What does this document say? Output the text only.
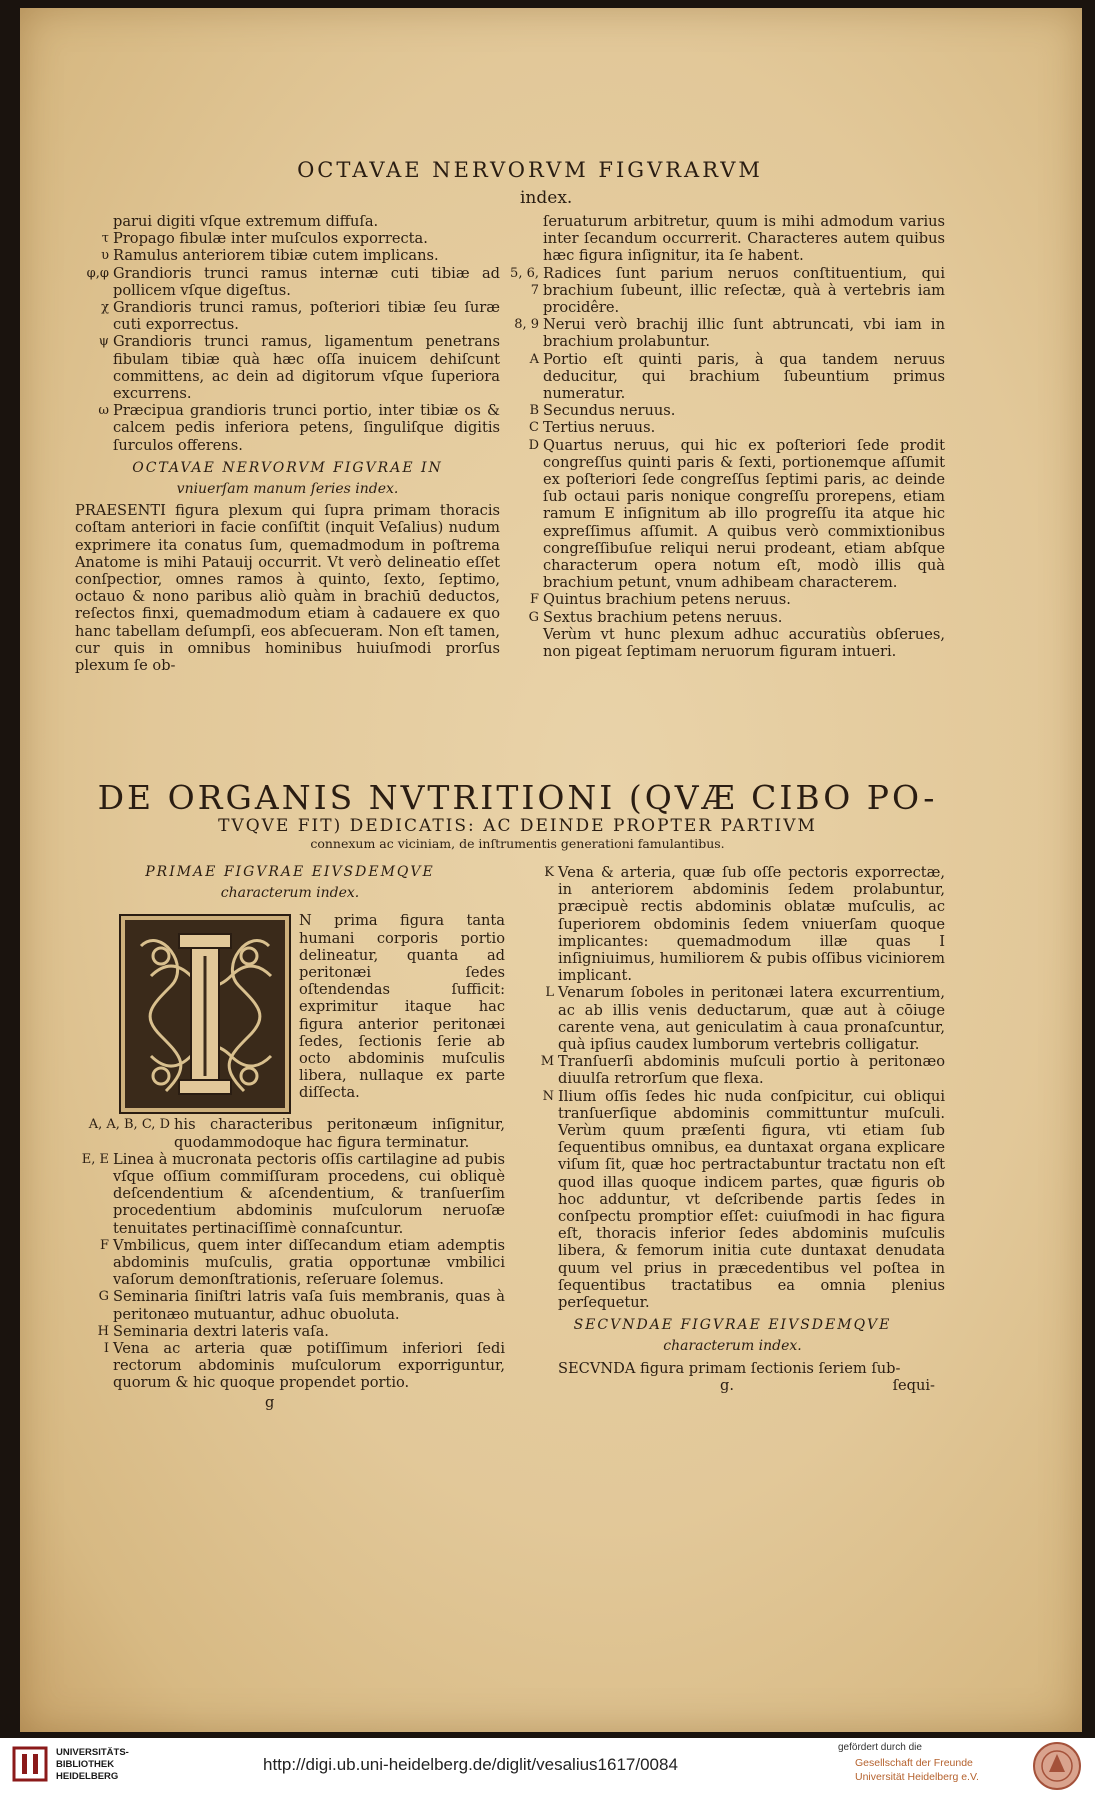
OCTAVAE NERVORVM FIGVRARVM
index.
parui digiti vſque extremum diffuſa.
τ Propago fibulæ inter muſculos exporrecta.
υ Ramulus anteriorem tibiæ cutem implicans.
φ,φ Grandioris trunci ramus internæ cuti tibiæ ad pollicem vſque digeſtus.
χ Grandioris trunci ramus, poſteriori tibiæ ſeu ſuræ cuti exporrectus.
ψ Grandioris trunci ramus, ligamentum penetrans fibulam tibiæ quà hæc oſſa inuicem dehiſcunt committens, ac dein ad digitorum vſque ſuperiora excurrens.
ω Præcipua grandioris trunci portio, inter tibiæ os & calcem pedis inferiora petens, ſinguliſque digitis ſurculos offerens.
OCTAVAE NERVORVM FIGVRAE IN
vniuerſam manum ſeries index.
PRAESENTI figura plexum qui ſupra primam thoracis coſtam anteriori in facie conſiſtit (inquit Veſalius) nudum exprimere ita conatus ſum, quemadmodum in poſtrema Anatome is mihi Patauij occurrit. Vt verò delineatio eſſet conſpectior, omnes ramos à quinto, ſexto, ſeptimo, octauo & nono paribus aliò quàm in brachiū deductos, reſectos finxi, quemadmodum etiam à cadauere ex quo hanc tabellam deſumpſi, eos abſecueram. Non eſt tamen, cur quis in omnibus hominibus huiuſmodi prorſus plexum ſe ob-
ſeruaturum arbitretur, quum is mihi admodum varius inter ſecandum occurrerit. Characteres autem quibus hæc figura inſignitur, ita ſe habent.
5, 6, 7
Radices ſunt parium neruos conſtituentium, qui brachium ſubeunt, illic reſectæ, quà à vertebris iam procidêre.
8, 9 Nerui verò brachij illic ſunt abtruncati, vbi iam in brachium prolabuntur.
A Portio eſt quinti paris, à qua tandem neruus deducitur, qui brachium ſubeuntium primus numeratur.
B Secundus neruus.
C Tertius neruus.
D Quartus neruus, qui hic ex poſteriori ſede prodit congreſſus quinti paris & ſexti, portionemque aſſumit ex poſteriori ſede congreſſus ſeptimi paris, ac deinde ſub octaui paris nonique congreſſu prorepens, etiam ramum E inſignitum ab illo progreſſu ita atque hic expreſſimus aſſumit. A quibus verò commixtionibus congreſſibuſue reliqui nerui prodeant, etiam abſque characterum opera notum eſt, modò illis quà brachium petunt, vnum adhibeam characterem.
F Quintus brachium petens neruus.
G Sextus brachium petens neruus.
Verùm vt hunc plexum adhuc accuratiùs obſerues, non pigeat ſeptimam neruorum figuram intueri.
DE ORGANIS NVTRITIONI (QVÆ CIBO PO-
TVQVE FIT) DEDICATIS: AC DEINDE PROPTER PARTIVM
connexum ac viciniam, de inſtrumentis generationi famulantibus.
PRIMAE FIGVRAE EIVSDEMQVE
characterum index.
N prima figura tanta humani corporis portio delineatur, quanta ad peritonæi ſedes oſtendendas ſufficit: exprimitur itaque hac figura anterior peritonæi ſedes, ſectionis ſerie ab octo abdominis muſculis libera, nullaque ex parte diſſecta.
A, A, B, C, D his characteribus peritonæum inſignitur, quodammodoque hac figura terminatur.
E, E Linea à mucronata pectoris oſſis cartilagine ad pubis vſque oſſium commiſſuram procedens, cui obliquè deſcendentium & aſcendentium, & tranſuerſim procedentium abdominis muſculorum neruoſæ tenuitates pertinaciſſimè connaſcuntur.
F Vmbilicus, quem inter diſſecandum etiam ademptis abdominis muſculis, gratia opportunæ vmbilici vaſorum demonſtrationis, reſeruare ſolemus.
G Seminaria ſiniſtri latris vaſa ſuis membranis, quas à peritonæo mutuantur, adhuc obuoluta.
H Seminaria dextri lateris vaſa.
I Vena ac arteria quæ potiſſimum inferiori ſedi rectorum abdominis muſculorum exporriguntur, quorum & hic quoque propendet portio.
g
K Vena & arteria, quæ ſub oſſe pectoris exporrectæ, in anteriorem abdominis ſedem prolabuntur, præcipuè rectis abdominis oblatæ muſculis, ac ſuperiorem obdominis ſedem vniuerſam quoque implicantes: quemadmodum illæ quas I inſigniuimus, humiliorem & pubis oſſibus viciniorem implicant.
L Venarum ſoboles in peritonæi latera excurrentium, ac ab illis venis deductarum, quæ aut à cōiuge carente vena, aut geniculatim à caua pronaſcuntur, quà ipſius caudex lumborum vertebris colligatur.
M Tranſuerſi abdominis muſculi portio à peritonæo diuulſa retrorſum que flexa.
N Ilium oſſis ſedes hic nuda conſpicitur, cui obliqui tranſuerſique abdominis committuntur muſculi. Verùm quum præſenti figura, vti etiam ſub ſequentibus omnibus, ea duntaxat organa explicare viſum ſit, quæ hoc pertractabuntur tractatu non eſt quod illas quoque indicem partes, quæ figuris ob hoc adduntur, vt deſcribende partis ſedes in conſpectu promptior eſſet: cuiuſmodi in hac figura eſt, thoracis inferior ſedes abdominis muſculis libera, & femorum initia cute duntaxat denudata quum vel prius in præcedentibus vel poſtea in ſequentibus tractatibus ea omnia plenius perſequetur.
SECVNDAE FIGVRAE EIVSDEMQVE
characterum index.
SECVNDA figura primam ſectionis ſeriem ſub-
g.	ſequi-
UNIVERSITÄTS-
BIBLIOTHEK
HEIDELBERG
http://digi.ub.uni-heidelberg.de/diglit/vesalius1617/0084
gefördert durch die
Gesellschaft der Freunde
Universität Heidelberg e.V.
